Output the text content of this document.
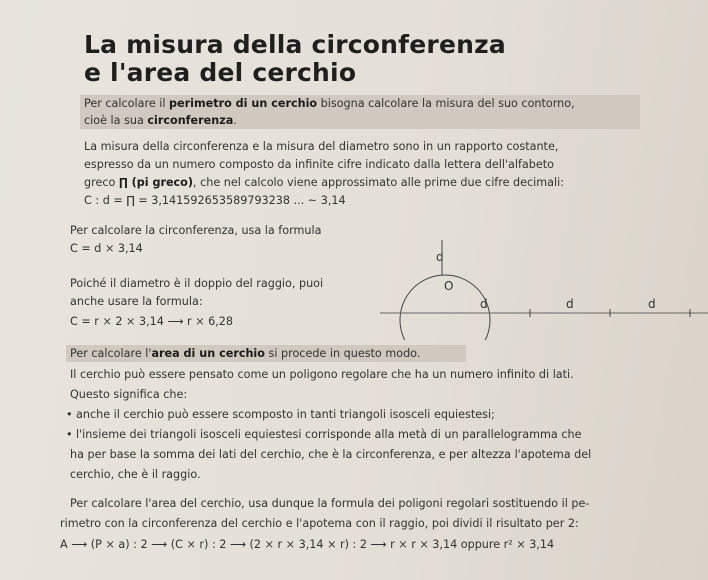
La misura della circonferenza
e l'area del cerchio
Per calcolare il perimetro di un cerchio bisogna calcolare la misura del suo contorno,
cioè la sua circonferenza.
La misura della circonferenza e la misura del diametro sono in un rapporto costante,
espresso da un numero composto da infinite cifre indicato dalla lettera dell'alfabeto
greco ∏ (pi greco), che nel calcolo viene approssimato alle prime due cifre decimali:
C : d = ∏ = 3,141592653589793238 ... ~ 3,14
Per calcolare la circonferenza, usa la formula
C = d × 3,14
Poiché il diametro è il doppio del raggio, puoi
anche usare la formula:
C = r × 2 × 3,14 ⟶ r × 6,28
d
O
d	d	d
Per calcolare l'area di un cerchio si procede in questo modo.
Il cerchio può essere pensato come un poligono regolare che ha un numero infinito di lati.
Questo significa che:
• anche il cerchio può essere scomposto in tanti triangoli isosceli equiestesi;
• l'insieme dei triangoli isosceli equiestesi corrisponde alla metà di un parallelogramma che
ha per base la somma dei lati del cerchio, che è la circonferenza, e per altezza l'apotema del
cerchio, che è il raggio.
Per calcolare l'area del cerchio, usa dunque la formula dei poligoni regolari sostituendo il pe-
rimetro con la circonferenza del cerchio e l'apotema con il raggio, poi dividi il risultato per 2:
A ⟶ (P × a) : 2 ⟶ (C × r) : 2 ⟶ (2 × r × 3,14 × r) : 2 ⟶ r × r × 3,14 oppure r² × 3,14
